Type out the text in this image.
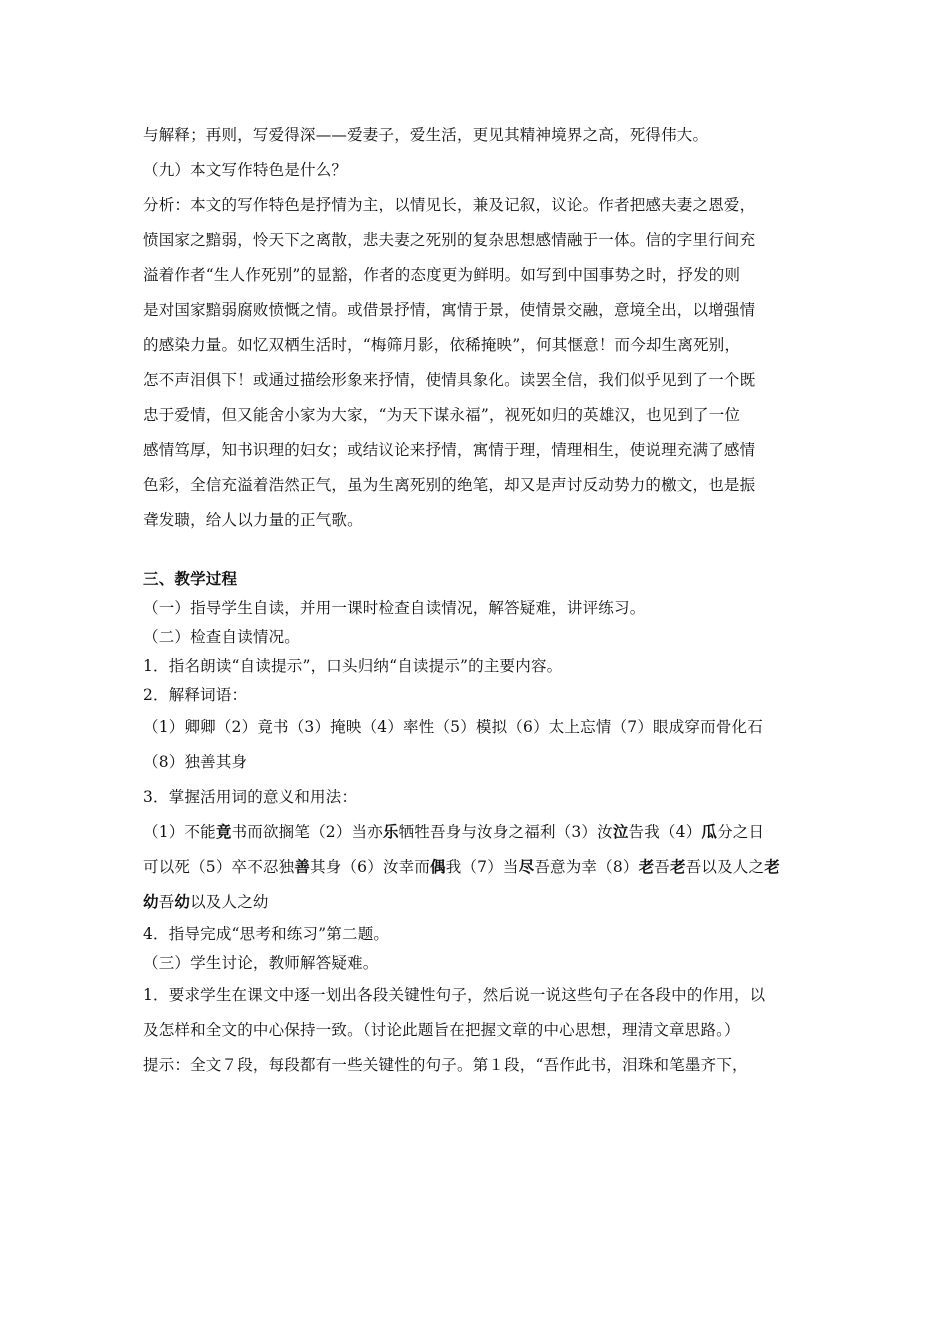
与解释；再则，写爱得深——爱妻子，爱生活，更见其精神境界之高，死得伟大。

（九）本文写作特色是什么？

分析：本文的写作特色是抒情为主，以情见长，兼及记叙，议论。作者把感夫妻之恩爱，

愤国家之黯弱，怜天下之离散，悲夫妻之死别的复杂思想感情融于一体。信的字里行间充

溢着作者“生人作死别”的显豁，作者的态度更为鲜明。如写到中国事势之时，抒发的则

是对国家黯弱腐败愤慨之情。或借景抒情，寓情于景，使情景交融，意境全出，以增强情

的感染力量。如忆双栖生活时，“梅筛月影，依稀掩映”，何其惬意！而今却生离死别，

怎不声泪俱下！或通过描绘形象来抒情，使情具象化。读罢全信，我们似乎见到了一个既

忠于爱情，但又能舍小家为大家，“为天下谋永福”，视死如归的英雄汉，也见到了一位

感情笃厚，知书识理的妇女；或结议论来抒情，寓情于理，情理相生，使说理充满了感情

色彩，全信充溢着浩然正气，虽为生离死别的绝笔，却又是声讨反动势力的檄文，也是振

聋发聩，给人以力量的正气歌。

三、教学过程

（一）指导学生自读，并用一课时检查自读情况，解答疑难，讲评练习。

（二）检查自读情况。

1．指名朗读“自读提示”，口头归纳“自读提示”的主要内容。

2．解释词语：

（1）卿卿（2）竟书（3）掩映（4）率性（5）模拟（6）太上忘情（7）眼成穿而骨化石

（8）独善其身

3．掌握活用词的意义和用法：

（1）不能竟书而欲搁笔（2）当亦乐牺牲吾身与汝身之福利（3）汝泣告我（4）瓜分之日

可以死（5）卒不忍独善其身（6）汝幸而偶我（7）当尽吾意为幸（8）老吾老吾以及人之老

幼吾幼以及人之幼

4．指导完成“思考和练习”第二题。

（三）学生讨论，教师解答疑难。

1．要求学生在课文中逐一划出各段关键性句子，然后说一说这些句子在各段中的作用，以

及怎样和全文的中心保持一致。（讨论此题旨在把握文章的中心思想，理清文章思路。）

提示：全文７段，每段都有一些关键性的句子。第１段，“吾作此书，泪珠和笔墨齐下，
